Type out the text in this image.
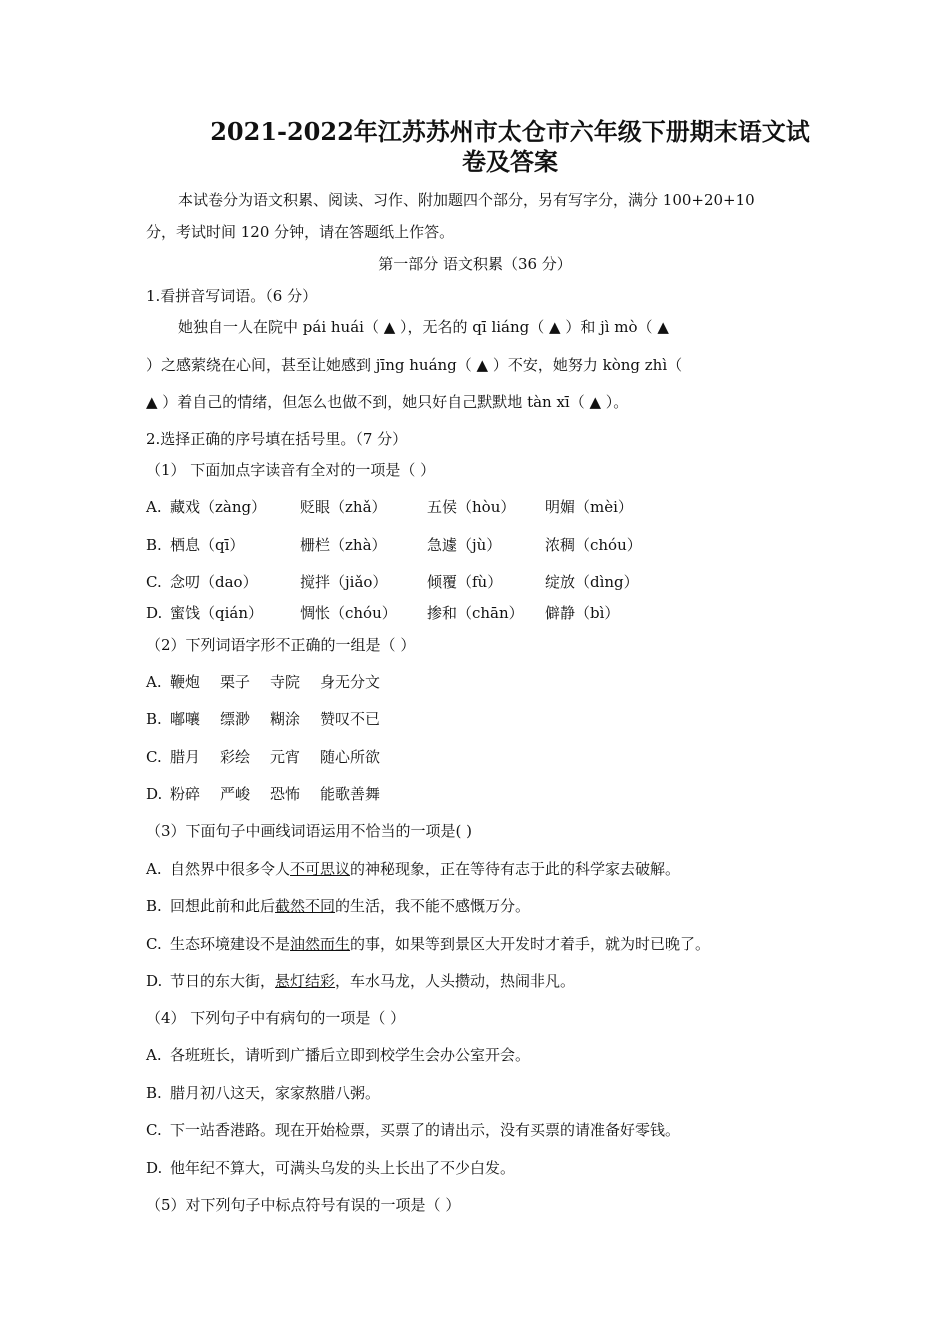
2021-2022年江苏苏州市太仓市六年级下册期末语文试
卷及答案
本试卷分为语文积累、阅读、习作、附加题四个部分，另有写字分，满分 100+20+10
分，考试时间 120 分钟，请在答题纸上作答。
第一部分 语文积累（36 分）
1.看拼音写词语。（6 分）
她独自一人在院中 pái huái（ ▲ ），无名的 qī liáng（ ▲ ）和 jì mò（ ▲
）之感萦绕在心间，甚至让她感到 jīng huáng（ ▲ ）不安，她努力 kòng zhì（
▲ ）着自己的情绪，但怎么也做不到，她只好自己默默地 tàn xī（ ▲ ）。
2.选择正确的序号填在括号里。（7 分）
（1） 下面加点字读音有全对的一项是（ ）
A. 藏戏（zàng） 贬眼（zhǎ）	五侯（hòu） 明媚（mèi）
B. 栖息（qī）	栅栏（zhà）	急遽（jù）	浓稠（chóu）
C. 念叨（dao）	搅拌（jiǎo）	倾覆（fù）	绽放（dìng）
D. 蜜饯（qián） 惆怅（chóu） 掺和（chān） 僻静（bì）
（2）下列词语字形不正确的一组是（ ）
A. 鞭炮 栗子 寺院 身无分文
B. 嘟嚷 缥渺 糊涂 赞叹不已
C. 腊月 彩绘 元宵 随心所欲
D. 粉碎 严峻 恐怖 能歌善舞
（3）下面句子中画线词语运用不恰当的一项是( )
A. 自然界中很多令人不可思议的神秘现象，正在等待有志于此的科学家去破解。
B. 回想此前和此后截然不同的生活，我不能不感慨万分。
C. 生态环境建设不是油然而生的事，如果等到景区大开发时才着手，就为时已晚了。
D. 节日的东大街，悬灯结彩，车水马龙，人头攒动，热闹非凡。
（4） 下列句子中有病句的一项是（ ）
A. 各班班长，请听到广播后立即到校学生会办公室开会。
B. 腊月初八这天，家家熬腊八粥。
C. 下一站香港路。现在开始检票，买票了的请出示，没有买票的请准备好零钱。
D. 他年纪不算大，可满头乌发的头上长出了不少白发。
（5）对下列句子中标点符号有误的一项是（ ）
